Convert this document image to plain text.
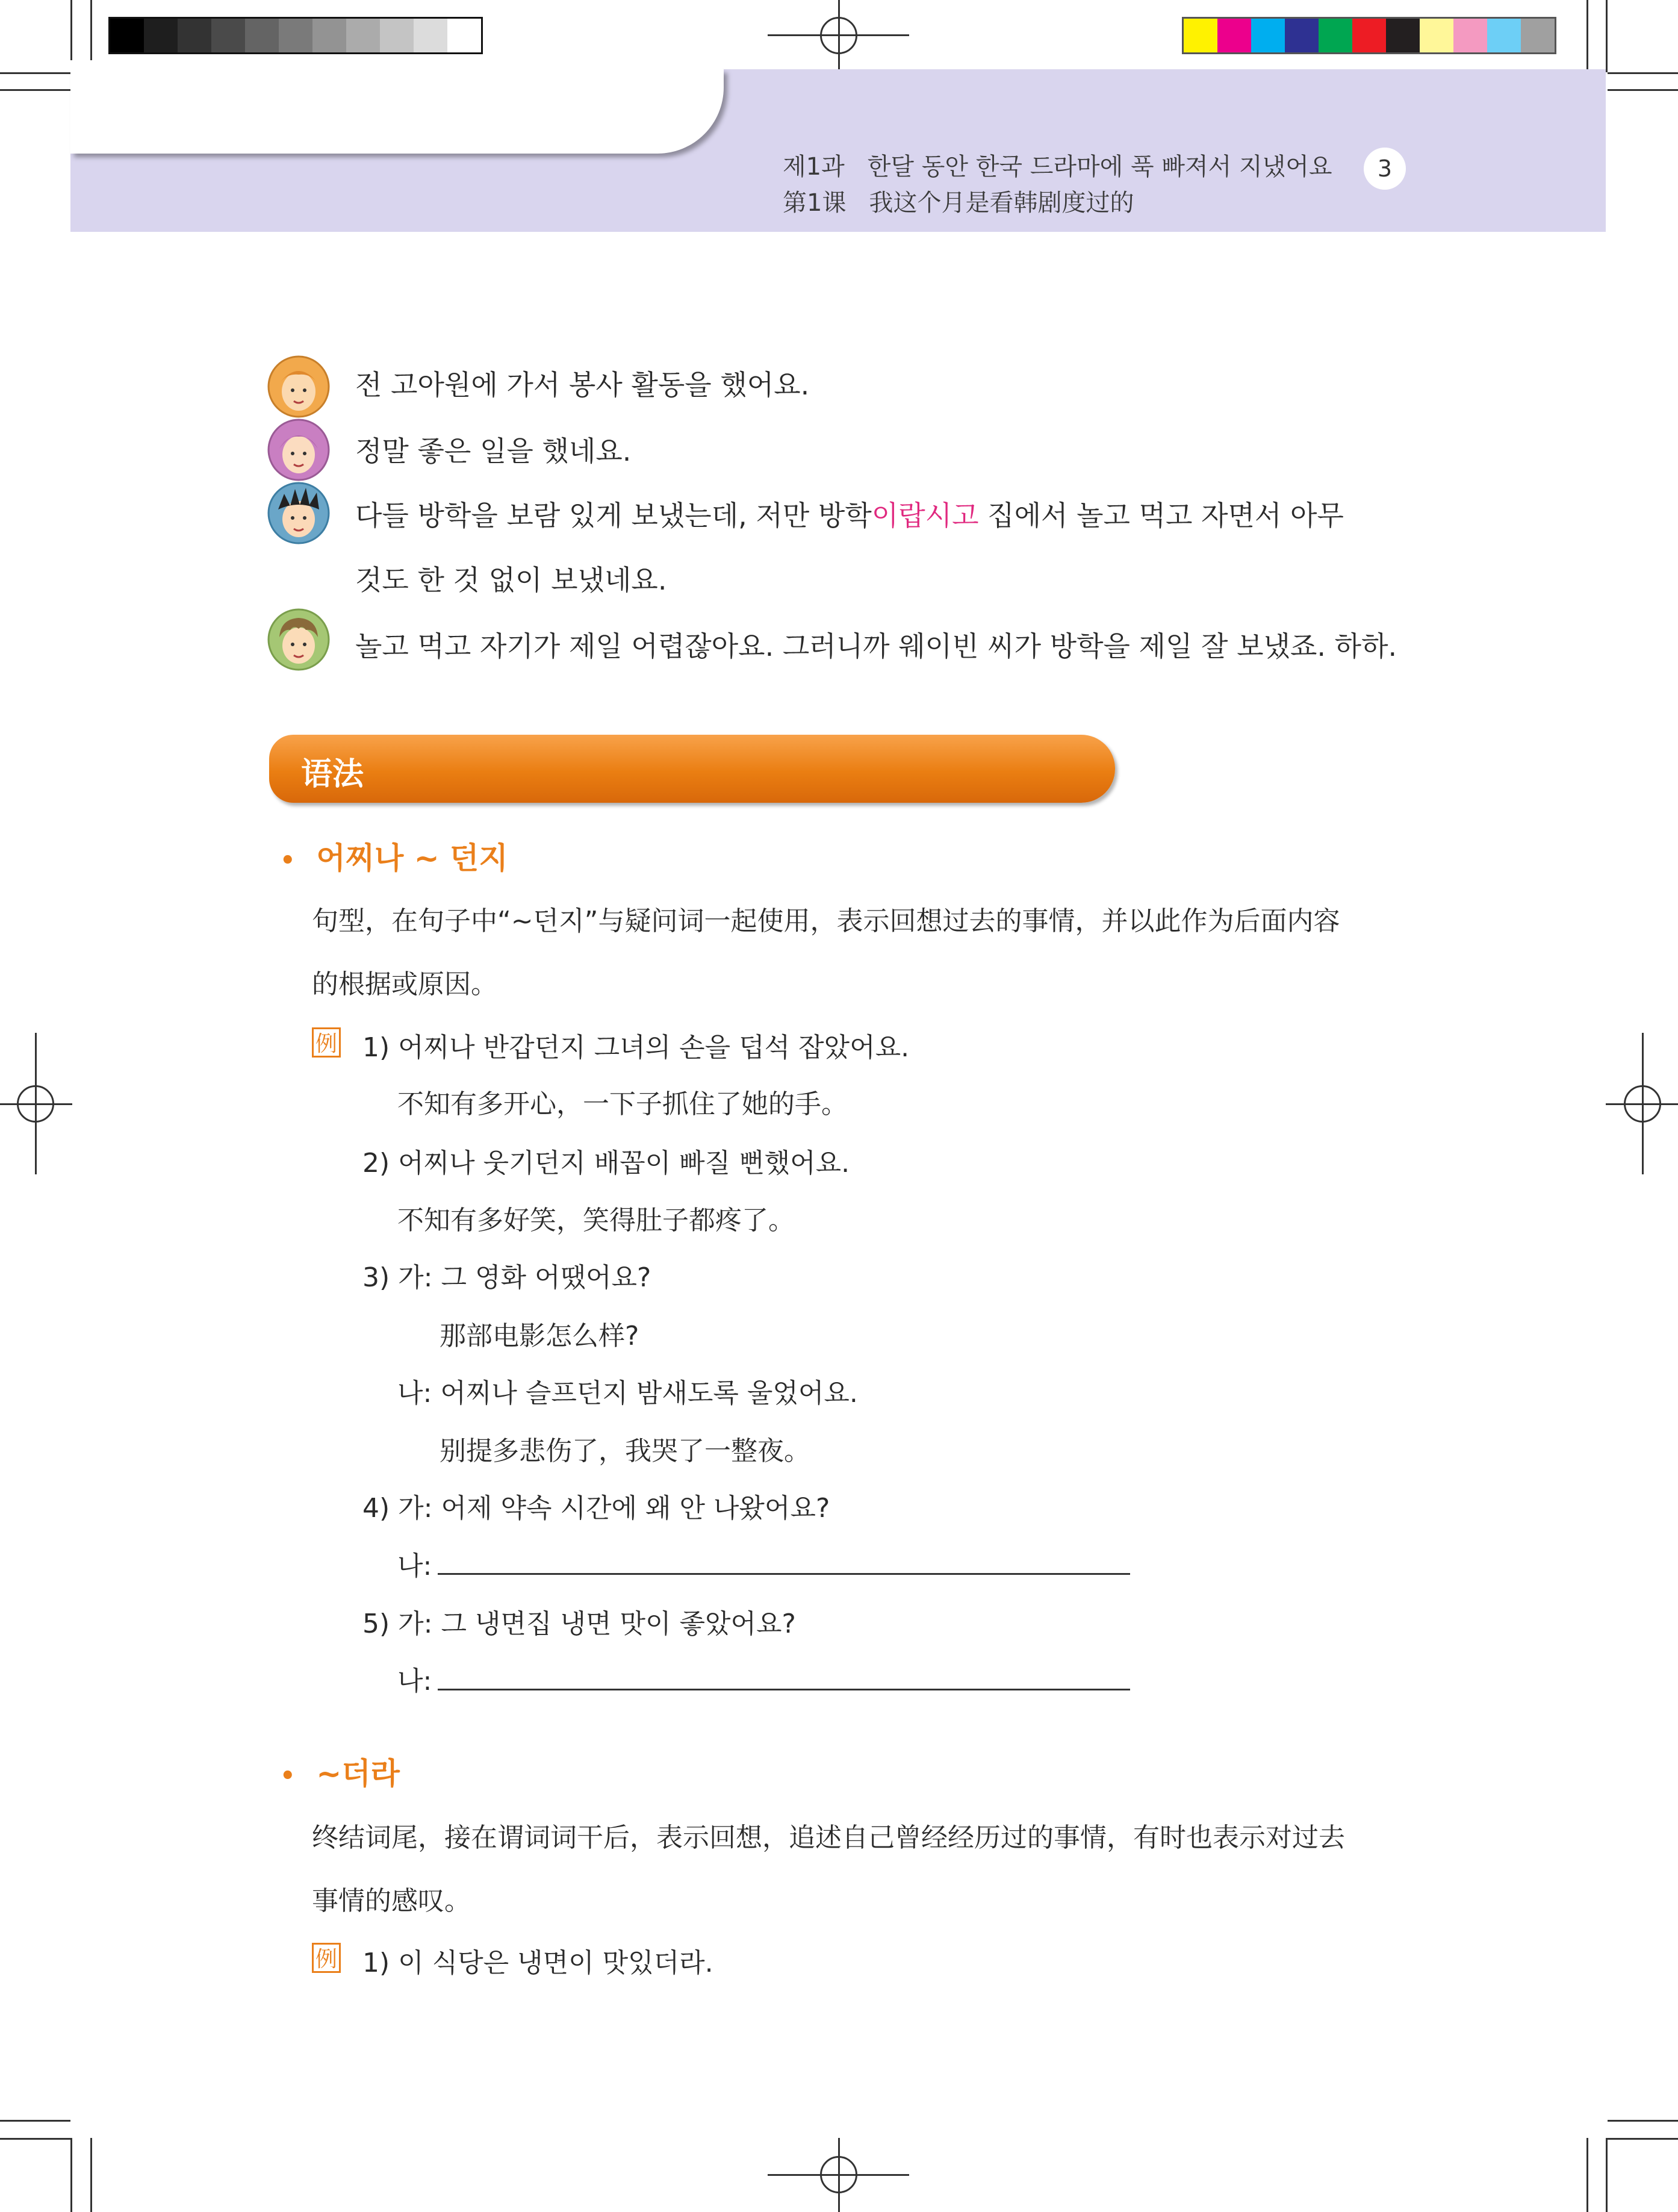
제1과 한달 동안 한국 드라마에 푹 빠져서 지냈어요
第1课 我这个月是看韩剧度过的
3
전 고아원에 가서 봉사 활동을 했어요.
정말 좋은 일을 했네요.
다들 방학을 보람 있게 보냈는데, 저만 방학이랍시고 집에서 놀고 먹고 자면서 아무
것도 한 것 없이 보냈네요.
놀고 먹고 자기가 제일 어렵잖아요. 그러니까 웨이빈 씨가 방학을 제일 잘 보냈죠. 하하.
语法
• 어찌나 ~ 던지
句型，在句子中“~던지”与疑问词一起使用，表示回想过去的事情，并以此作为后面内容
的根据或原因。
例 1) 어찌나 반갑던지 그녀의 손을 덥석 잡았어요.
不知有多开心，一下子抓住了她的手。
2) 어찌나 웃기던지 배꼽이 빠질 뻔했어요.
不知有多好笑，笑得肚子都疼了。
3) 가: 그 영화 어땠어요?
那部电影怎么样?
나: 어찌나 슬프던지 밤새도록 울었어요.
别提多悲伤了，我哭了一整夜。
4) 가: 어제 약속 시간에 왜 안 나왔어요?
나:
5) 가: 그 냉면집 냉면 맛이 좋았어요?
나:
• ~더라
终结词尾，接在谓词词干后，表示回想，追述自己曾经经历过的事情，有时也表示对过去
事情的感叹。
例 1) 이 식당은 냉면이 맛있더라.
